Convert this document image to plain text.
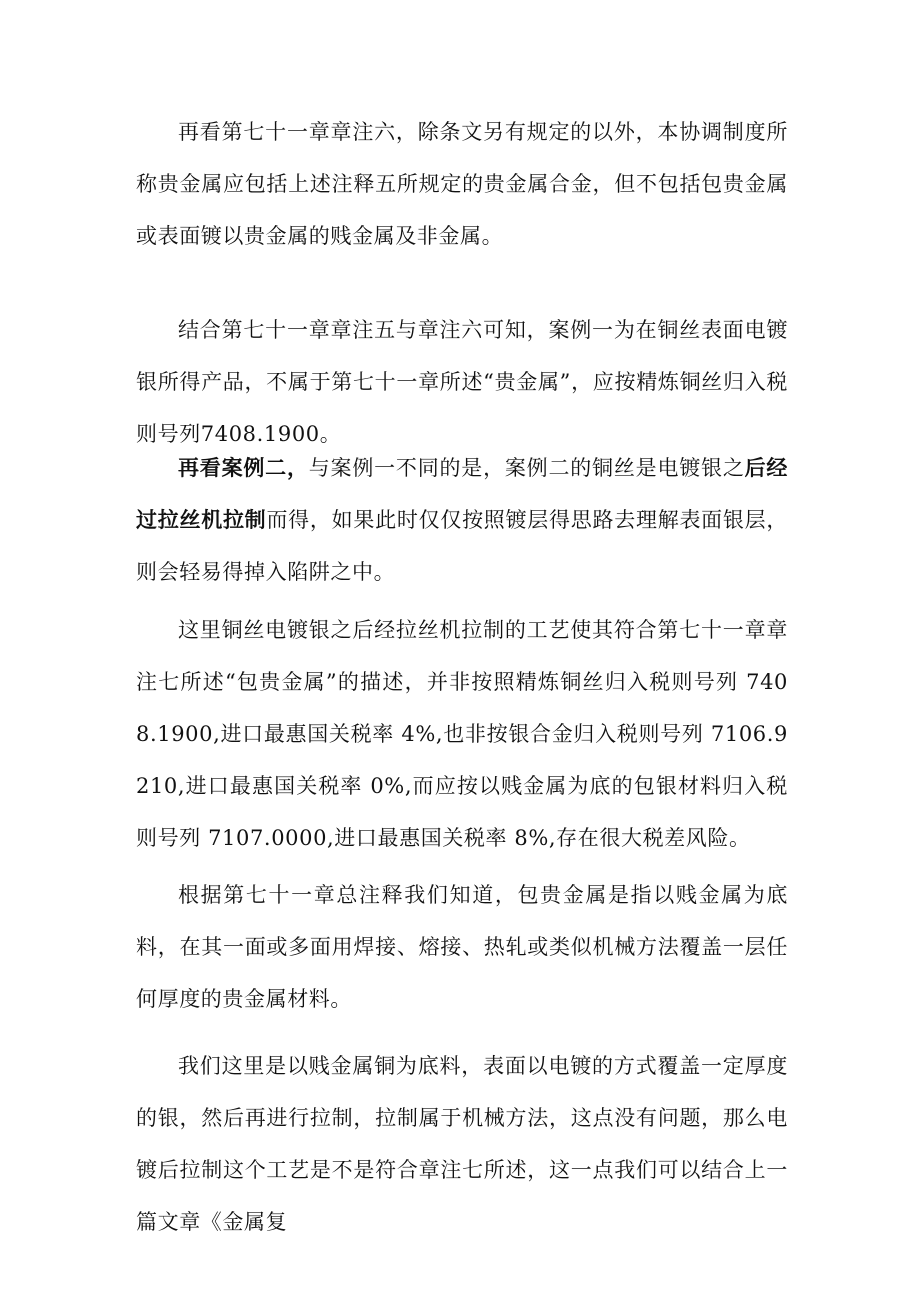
再看第七十一章章注六，除条文另有规定的以外，本协调制度所称贵金属应包括上述注释五所规定的贵金属合金，但不包括包贵金属或表面镀以贵金属的贱金属及非金属。

结合第七十一章章注五与章注六可知，案例一为在铜丝表面电镀银所得产品，不属于第七十一章所述“贵金属”，应按精炼铜丝归入税则号列7408.1900。

再看案例二，与案例一不同的是，案例二的铜丝是电镀银之后经过拉丝机拉制而得，如果此时仅仅按照镀层得思路去理解表面银层，则会轻易得掉入陷阱之中。

这里铜丝电镀银之后经拉丝机拉制的工艺使其符合第七十一章章注七所述“包贵金属”的描述，并非按照精炼铜丝归入税则号列 7408.1900,进口最惠国关税率 4%,也非按银合金归入税则号列 7106.9210,进口最惠国关税率 0%,而应按以贱金属为底的包银材料归入税则号列 7107.0000,进口最惠国关税率 8%,存在很大税差风险。

根据第七十一章总注释我们知道，包贵金属是指以贱金属为底料，在其一面或多面用焊接、熔接、热轧或类似机械方法覆盖一层任何厚度的贵金属材料。

我们这里是以贱金属铜为底料，表面以电镀的方式覆盖一定厚度的银，然后再进行拉制，拉制属于机械方法，这点没有问题，那么电镀后拉制这个工艺是不是符合章注七所述，这一点我们可以结合上一篇文章《金属复
